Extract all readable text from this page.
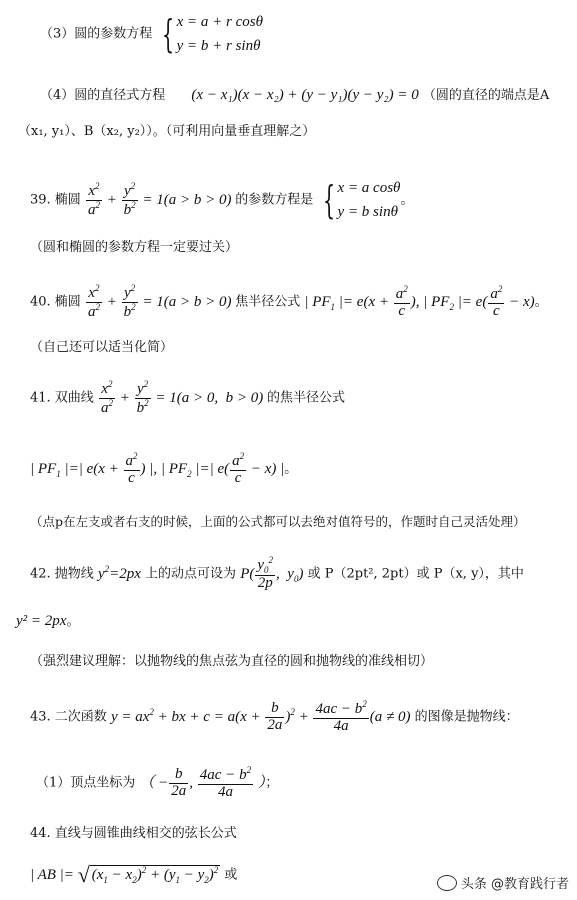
（3）圆的参数方程 { x = a + r cosθ
y = b + r sinθ
（4）圆的直径式方程 (x − x₁)(x − x₂) + (y − y₁)(y − y₂) = 0 （圆的直径的端点是A
（x₁, y₁）、B（x₂, y₂））。（可利用向量垂直理解之）
39. 椭圆 $\frac{x^2}{a^2} + \frac{y^2}{b^2} = 1(a > b > 0)$ 的参数方程是 { x = a cosθ
y = b sinθ
。
（圆和椭圆的参数方程一定要过关）
40. 椭圆 $\frac{x^2}{a^2} + \frac{y^2}{b^2} = 1(a > b > 0)$ 焦半径公式 | $PF_1$ |= $e(x + \frac{a^2}{c}$ ), | $PF_2$ |= $e( \frac{a^2}{c} - x)$。
（自己还可以适当化简）
41. 双曲线 $\frac{x^2}{a^2} + \frac{y^2}{b^2} = 1(a > 0$,  b > 0) 的焦半径公式
| $PF_1$ |=| $e(x + \frac{a^2}{c}$ ) |, | $PF_2$ |=| $e( \frac{a^2}{c} - x)$ |。
（点p在左支或者右支的时候，上面的公式都可以去绝对值符号的，作题时自己灵活处理）
42. 抛物线 $y^2=2px$ 上的动点可设为 $P( \frac{y_0^2}{2p}$ ,  $y_0$) 或 P（2pt², 2pt）或 P（x, y），其中
y² = 2px。
（强烈建议理解：以抛物线的焦点弦为直径的圆和抛物线的准线相切）
43. 二次函数 $y = ax^2$ + bx + $c = a(x + \frac{b}{2a} )^2 + \frac{4ac - b^2}{4a} (a \ne 0)$ 的图像是抛物线：
（1）顶点坐标为 （ − $\frac{b}{2a}$ , $\frac{4ac - b^2}{4a}$ ）；
44. 直线与圆锥曲线相交的弦长公式
| AB |= √ $(x_1 - x_2)^2 + (y_1 - y_2)^2$ 或
头条 @教育践行者
